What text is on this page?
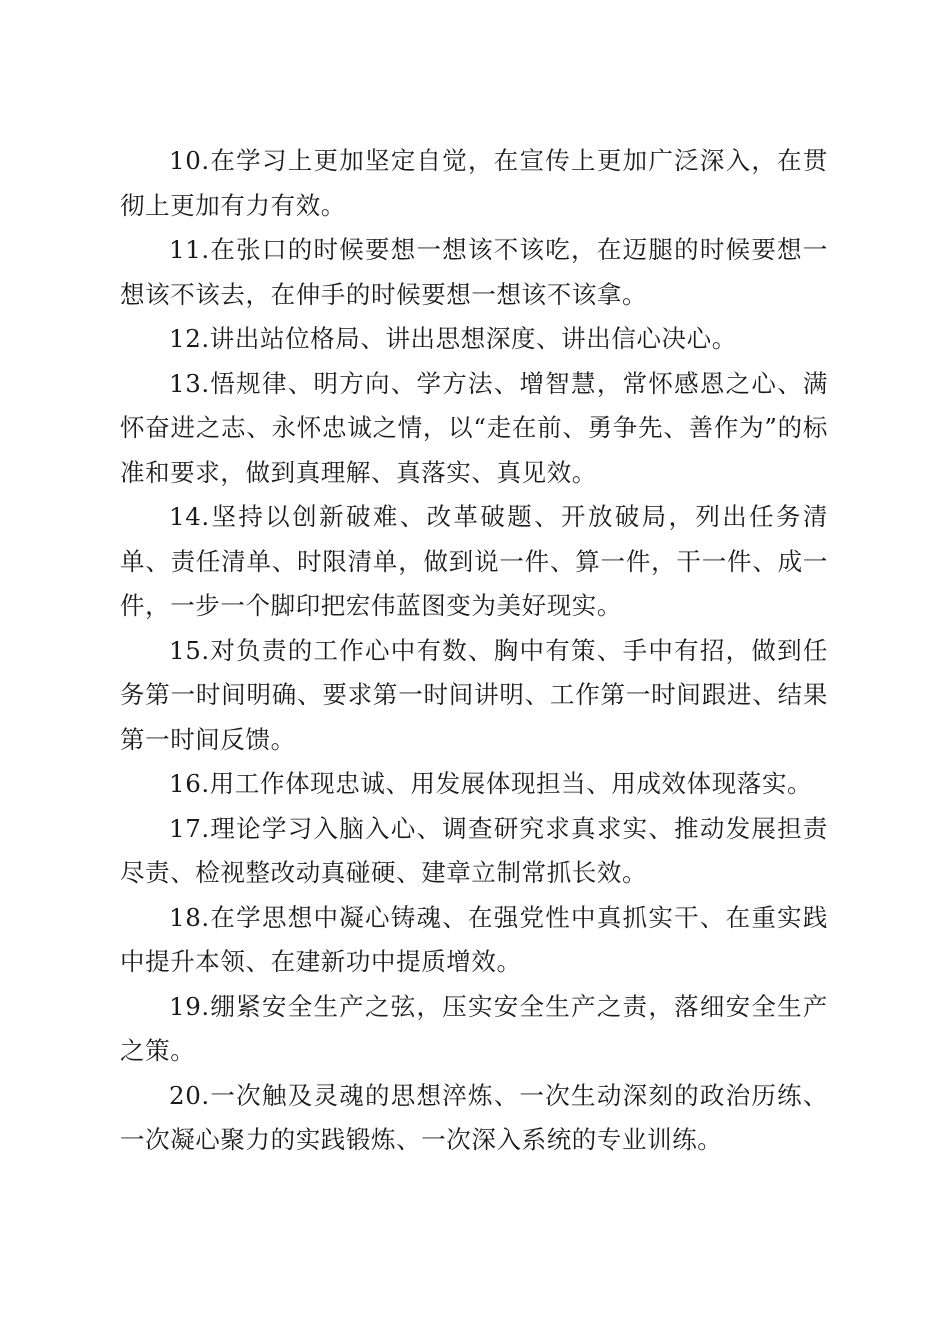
10.在学习上更加坚定自觉，在宣传上更加广泛深入，在贯彻上更加有力有效。

11.在张口的时候要想一想该不该吃，在迈腿的时候要想一想该不该去，在伸手的时候要想一想该不该拿。

12.讲出站位格局、讲出思想深度、讲出信心决心。

13.悟规律、明方向、学方法、增智慧，常怀感恩之心、满怀奋进之志、永怀忠诚之情，以“走在前、勇争先、善作为”的标准和要求，做到真理解、真落实、真见效。

14.坚持以创新破难、改革破题、开放破局，列出任务清单、责任清单、时限清单，做到说一件、算一件，干一件、成一件，一步一个脚印把宏伟蓝图变为美好现实。

15.对负责的工作心中有数、胸中有策、手中有招，做到任务第一时间明确、要求第一时间讲明、工作第一时间跟进、结果第一时间反馈。

16.用工作体现忠诚、用发展体现担当、用成效体现落实。

17.理论学习入脑入心、调查研究求真求实、推动发展担责尽责、检视整改动真碰硬、建章立制常抓长效。

18.在学思想中凝心铸魂、在强党性中真抓实干、在重实践中提升本领、在建新功中提质增效。

19.绷紧安全生产之弦，压实安全生产之责，落细安全生产之策。

20.一次触及灵魂的思想淬炼、一次生动深刻的政治历练、一次凝心聚力的实践锻炼、一次深入系统的专业训练。
